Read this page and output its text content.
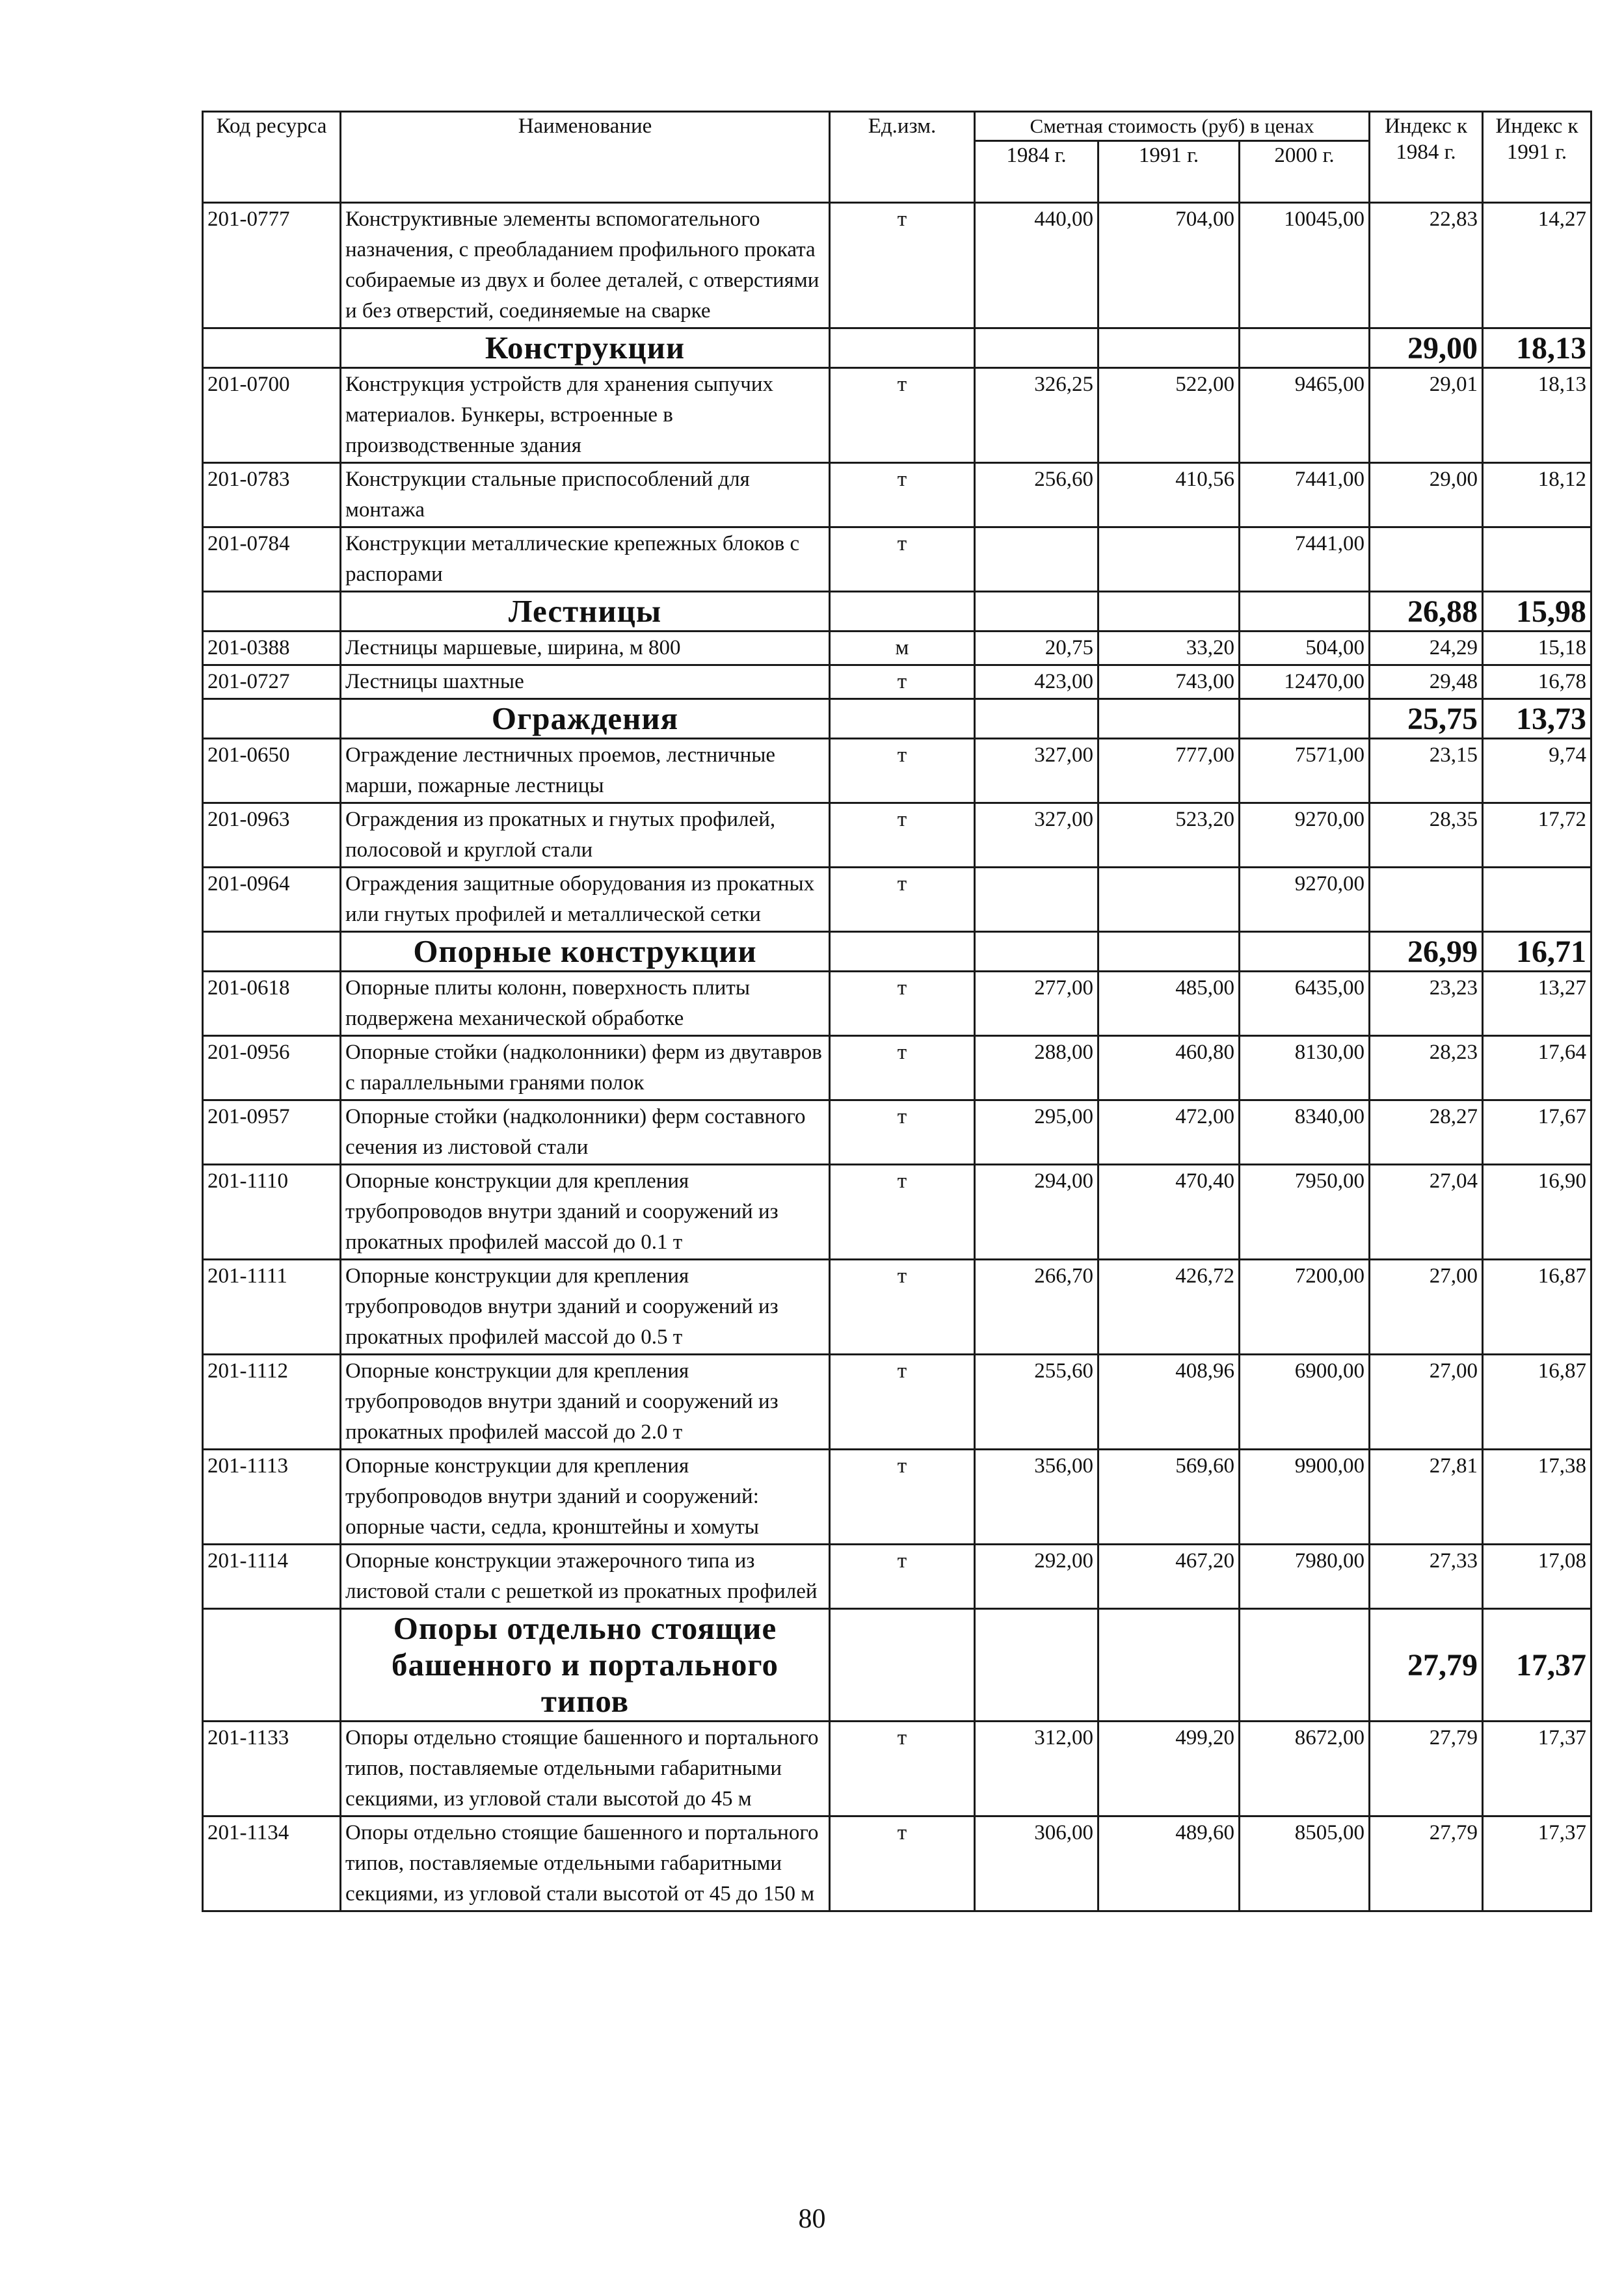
Код ресурса	Наименование	Ед.изм.	Сметная стоимость (руб) в ценах			Индекс к 1984 г.	Индекс к 1991 г.
			1984 г.	1991 г.	2000 г.		
201-0777	Конструктивные элементы вспомогательного назначения, с преобладанием профильного проката собираемые из двух и более деталей, с отверстиями и без отверстий, соединяемые на сварке	т	440,00	704,00	10045,00	22,83	14,27
	Конструкции					29,00	18,13
201-0700	Конструкция устройств для хранения сыпучих материалов. Бункеры, встроенные в производственные здания	т	326,25	522,00	9465,00	29,01	18,13
201-0783	Конструкции стальные приспособлений для монтажа	т	256,60	410,56	7441,00	29,00	18,12
201-0784	Конструкции металлические крепежных блоков с распорами	т			7441,00		
	Лестницы					26,88	15,98
201-0388	Лестницы маршевые, ширина, м 800	м	20,75	33,20	504,00	24,29	15,18
201-0727	Лестницы шахтные	т	423,00	743,00	12470,00	29,48	16,78
	Ограждения					25,75	13,73
201-0650	Ограждение лестничных проемов, лестничные марши, пожарные лестницы	т	327,00	777,00	7571,00	23,15	9,74
201-0963	Ограждения из прокатных и гнутых профилей, полосовой и круглой стали	т	327,00	523,20	9270,00	28,35	17,72
201-0964	Ограждения защитные оборудования из прокатных или гнутых профилей и металлической сетки	т			9270,00		
	Опорные конструкции					26,99	16,71
201-0618	Опорные плиты колонн, поверхность плиты подвержена механической обработке	т	277,00	485,00	6435,00	23,23	13,27
201-0956	Опорные стойки (надколонники) ферм из двутавров с параллельными гранями полок	т	288,00	460,80	8130,00	28,23	17,64
201-0957	Опорные стойки (надколонники) ферм составного сечения из листовой стали	т	295,00	472,00	8340,00	28,27	17,67
201-1110	Опорные конструкции для крепления трубопроводов внутри зданий и сооружений из прокатных профилей массой до 0.1 т	т	294,00	470,40	7950,00	27,04	16,90
201-1111	Опорные конструкции для крепления трубопроводов внутри зданий и сооружений из прокатных профилей массой до 0.5 т	т	266,70	426,72	7200,00	27,00	16,87
201-1112	Опорные конструкции для крепления трубопроводов внутри зданий и сооружений из прокатных профилей массой до 2.0 т	т	255,60	408,96	6900,00	27,00	16,87
201-1113	Опорные конструкции для крепления трубопроводов внутри зданий и сооружений: опорные части, седла, кронштейны и хомуты	т	356,00	569,60	9900,00	27,81	17,38
201-1114	Опорные конструкции этажерочного типа из листовой стали с решеткой из прокатных профилей	т	292,00	467,20	7980,00	27,33	17,08
	Опоры отдельно стоящие башенного и портального типов					27,79	17,37
201-1133	Опоры отдельно стоящие башенного и портального типов, поставляемые отдельными габаритными секциями, из угловой стали высотой до 45 м	т	312,00	499,20	8672,00	27,79	17,37
201-1134	Опоры отдельно стоящие башенного и портального типов, поставляемые отдельными габаритными секциями, из угловой стали высотой от 45 до 150 м	т	306,00	489,60	8505,00	27,79	17,37
80
